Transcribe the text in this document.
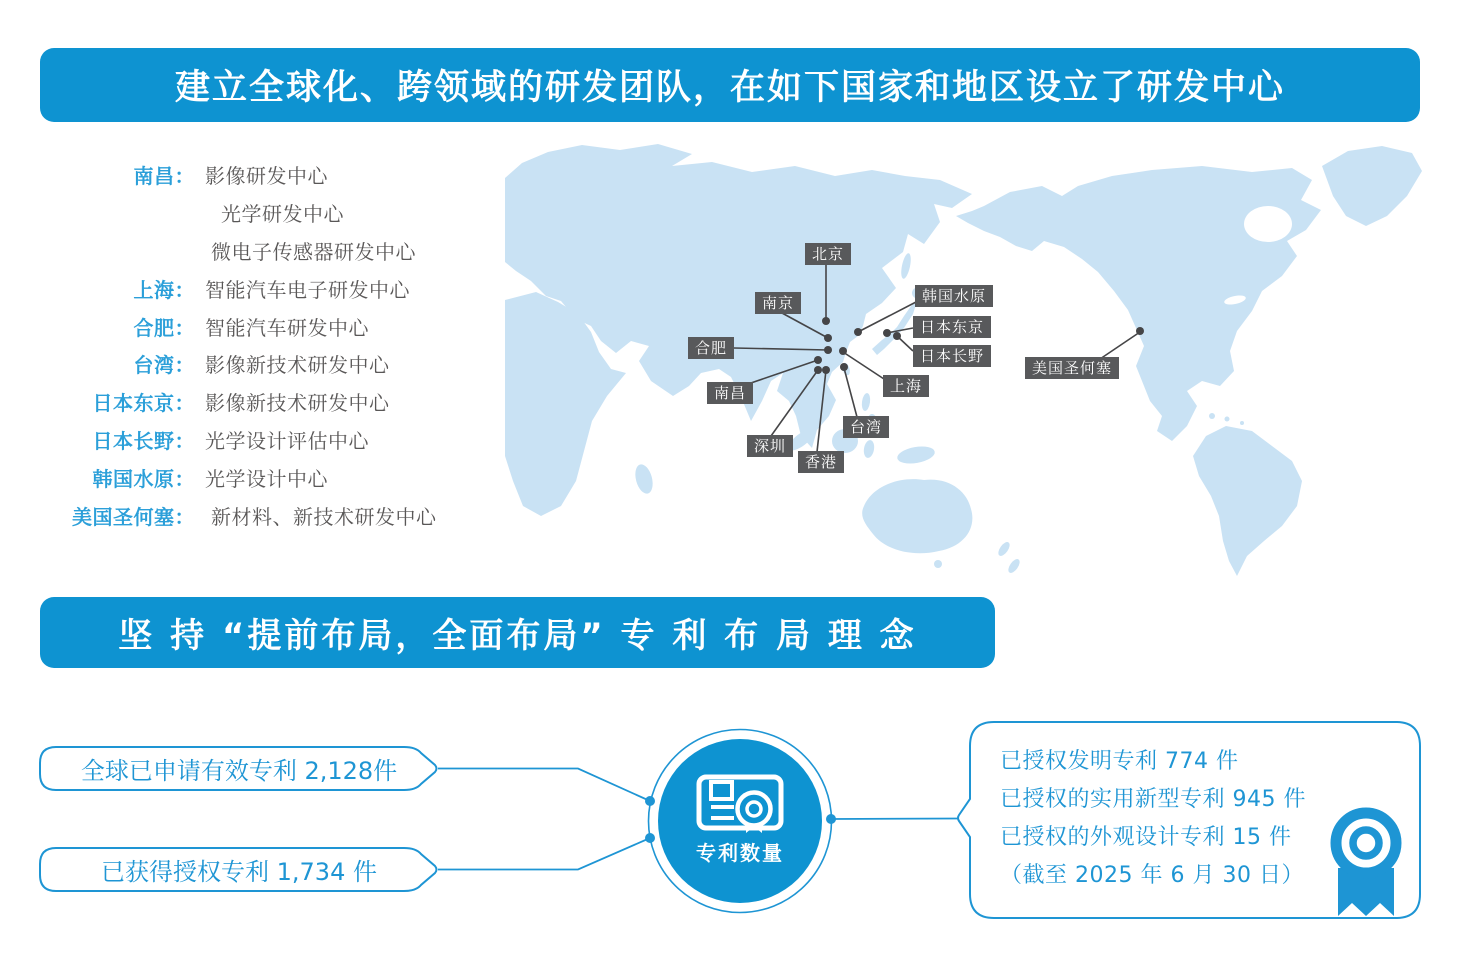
建立全球化、跨领域的研发团队，在如下国家和地区设立了研发中心
南昌： 影像研发中心
光学研发中心
微电子传感器研发中心
上海： 智能汽车电子研发中心
合肥： 智能汽车研发中心
台湾： 影像新技术研发中心
日本东京： 影像新技术研发中心
日本长野： 光学设计评估中心
韩国水原： 光学设计中心
美国圣何塞： 新材料、新技术研发中心
北京
南京	韩国水原
日本东京
日本长野
合肥
上海
南昌
台湾
深圳
香港
美国圣何塞
坚 持 “提前布局，全面布局” 专 利 布 局 理 念
全球已申请有效专利 2,128件
已获得授权专利 1,734 件
专利数量
已授权发明专利 774 件
已授权的实用新型专利 945 件
已授权的外观设计专利 15 件
（截至 2025 年 6 月 30 日）
